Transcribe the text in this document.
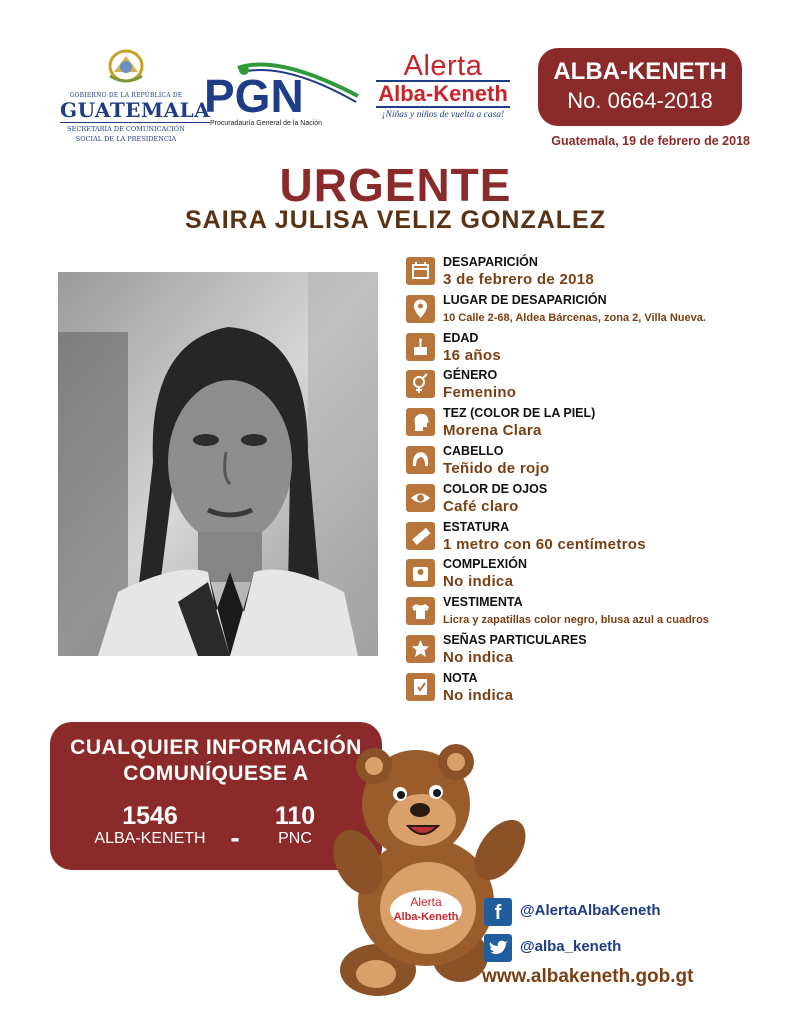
GOBIERNO DE LA REPÚBLICA DE
GUATEMALA
SECRETARÍA DE COMUNICACIÓN
SOCIAL DE LA PRESIDENCIA
PGN
Procuradauría General de la Nación
Alerta
Alba-Keneth
¡Niñas y niños de vuelta a casa!
ALBA-KENETH
No. 0664-2018
Guatemala, 19 de febrero de 2018
URGENTE
SAIRA JULISA VELIZ GONZALEZ
DESAPARICIÓN
3 de febrero de 2018
LUGAR DE DESAPARICIÓN
10 Calle 2-68, Aldea Bárcenas, zona 2, Villa Nueva.
EDAD
16 años
GÉNERO
Femenino
TEZ (COLOR DE LA PIEL)
Morena Clara
CABELLO
Teñido de rojo
COLOR DE OJOS
Café claro
ESTATURA
1 metro con 60 centímetros
COMPLEXIÓN
No indica
VESTIMENTA
Licra y zapatillas color negro, blusa azul a cuadros
SEÑAS PARTICULARES
No indica
NOTA
No indica
CUALQUIER INFORMACIÓN
COMUNÍQUESE A
1546
ALBA-KENETH -
110
PNC
Alerta
Alba-Keneth	f	@AlertaAlbaKeneth
@alba_keneth
www.albakeneth.gob.gt
